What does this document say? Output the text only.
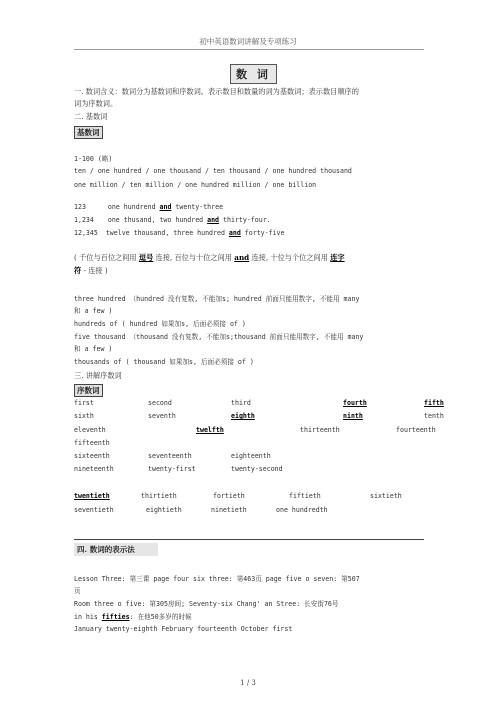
初中英语数词讲解及专项练习
数 词
一. 数词含义：数词分为基数词和序数词。表示数目和数量的词为基数词；表示数目顺序的
词为序数词。
二. 基数词
基数词
1-100 (略)
ten / one hundred / one thousand / ten thousand / one hundred thousand
one million / ten million / one hundred million / one billion
123	one hundrend and twenty-three
1,234 one thusand, two hundred and thirty-four.
12,345 twelve thousand, three hundred and forty-five
( 千位与百位之间用 逗号 连接, 百位与十位之间用 and 连接, 十位与个位之间用 连字
符 - 连接 )
three hundred （hundred 没有复数, 不能加s; hundred 前面只能用数字, 不能用 many
和 a few )
hundreds of ( hundred 如果加s, 后面必须接 of )
five thousand （thousand 没有复数, 不能加s;thousand 前面只能用数字, 不能用 many
和 a few )
thousands of ( thousand 如果加s, 后面必须接 of )
三. 讲解序数词
序数词
first	second	third	fourth	fifth
sixth	seventh	eighth	ninth	tenth
eleventh	twelfth	thirteenth	fourteenth
fifteenth
sixteenth	seventeenth	eighteenth
nineteenth	twenty-first	twenty-second
twentieth	thirtieth	fortieth	fiftieth	sixtieth
seventieth	eightieth	ninetieth	one hundredth
四. 数词的表示法
Lesson Three: 第三课 page four six three: 第463页 page five o seven: 第507
页
Room three o five: 第305房间; Seventy-six Chang' an Stree: 长安街76号
in his fifties: 在他50多岁的时候
January twenty-eighth February fourteenth October first
1 / 3
